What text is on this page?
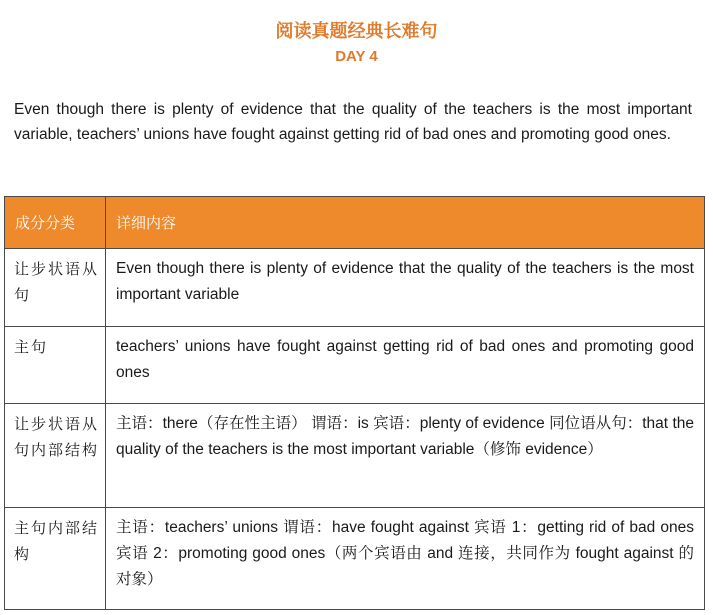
阅读真题经典长难句
DAY 4

Even though there is plenty of evidence that the quality of the teachers is the most important variable, teachers’ unions have fought against getting rid of bad ones and promoting good ones.

成分分类	详细内容
让步状语从句	Even though there is plenty of evidence that the quality of the teachers is the most important variable
主句	teachers’ unions have fought against getting rid of bad ones and promoting good ones
让步状语从句内部结构	主语：there（存在性主语） 谓语：is 宾语：plenty of evidence 同位语从句：that the quality of the teachers is the most important variable（修饰 evidence）
主句内部结构	主语：teachers’ unions 谓语：have fought against 宾语 1：getting rid of bad ones 宾语 2：promoting good ones（两个宾语由 and 连接，共同作为 fought against 的对象）
